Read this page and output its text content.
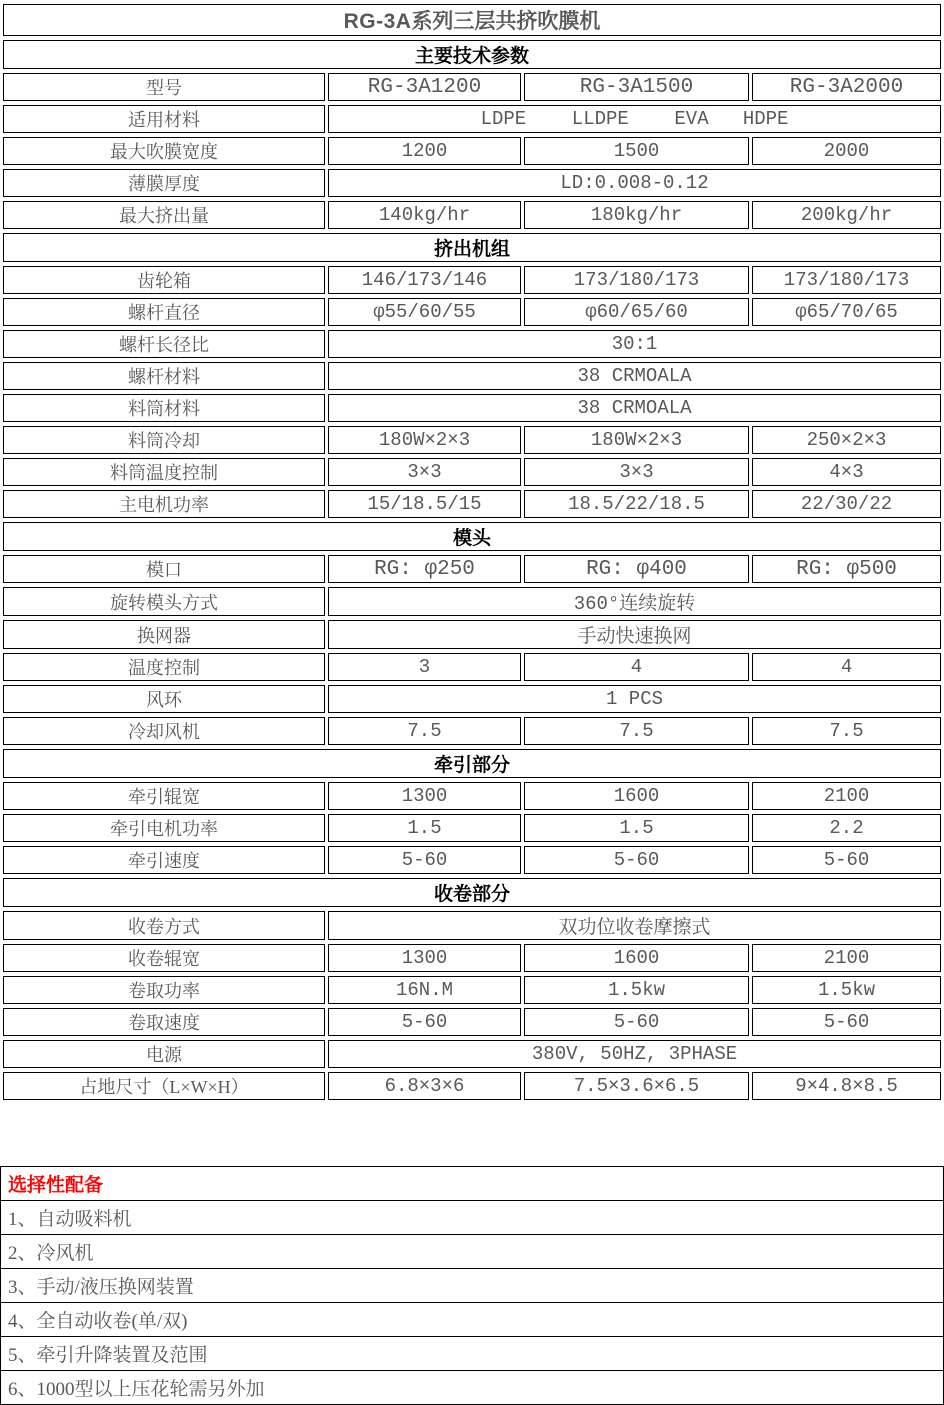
RG-3A系列三层共挤吹膜机			
主要技术参数			
型号	RG-3A1200	RG-3A1500	RG-3A2000
适用材料	LDPE    LLDPE    EVA   HDPE		
最大吹膜宽度	1200	1500	2000
薄膜厚度	LD:0.008-0.12		
最大挤出量	140kg/hr	180kg/hr	200kg/hr
挤出机组			
齿轮箱	146/173/146	173/180/173	173/180/173
螺杆直径	φ55/60/55	φ60/65/60	φ65/70/65
螺杆长径比	30:1		
螺杆材料	38 CRMOALA		
料筒材料	38 CRMOALA		
料筒冷却	180W×2×3	180W×2×3	250×2×3
料筒温度控制	3×3	3×3	4×3
主电机功率	15/18.5/15	18.5/22/18.5	22/30/22
模头			
模口	RG: φ250	RG: φ400	RG: φ500
旋转模头方式	360°连续旋转		
换网器	手动快速换网		
温度控制	3	4	4
风环	1 PCS		
冷却风机	7.5	7.5	7.5
牵引部分			
牵引辊宽	1300	1600	2100
牵引电机功率	1.5	1.5	2.2
牵引速度	5-60	5-60	5-60
收卷部分			
收卷方式	双功位收卷摩擦式		
收卷辊宽	1300	1600	2100
卷取功率	16N.M	1.5kw	1.5kw
卷取速度	5-60	5-60	5-60
电源	380V, 50HZ, 3PHASE		
占地尺寸（L×W×H）	6.8×3×6	7.5×3.6×6.5	9×4.8×8.5
选择性配备
1、自动吸料机
2、冷风机
3、手动/液压换网装置
4、全自动收卷(单/双)
5、牵引升降装置及范围
6、1000型以上压花轮需另外加
